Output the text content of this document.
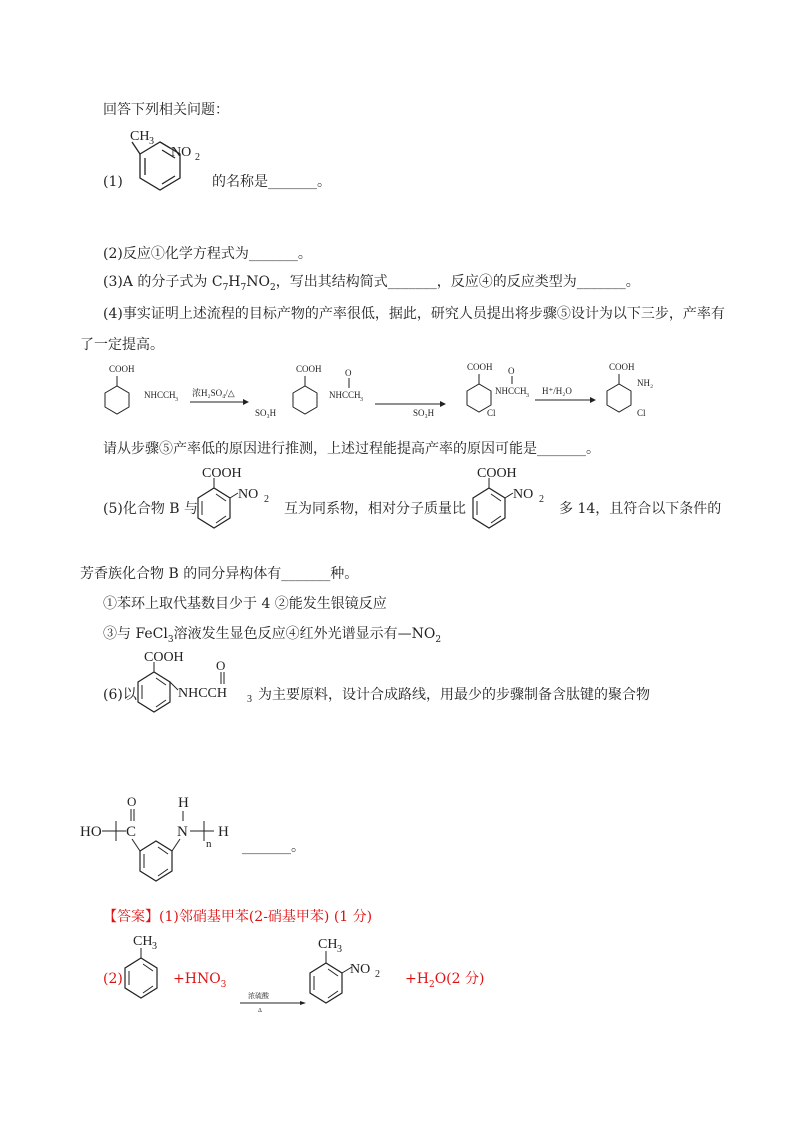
回答下列相关问题：
CH 3
NO 2
(1)	的名称是_______。
(2)反应①化学方程式为_______。
(3)A 的分子式为 $C_7H_7NO_2$，写出其结构简式_______，反应④的反应类型为_______。
(4)事实证明上述流程的目标产物的产率很低，据此，研究人员提出将步骤⑤设计为以下三步，产率有
了一定提高。
COOH
NHCCH 3
浓H₂SO₄/△
COOH
SO₃H
O
NHCCH 3
COOH
SO₃H
O
NHCCH 3
Cl
H⁺/H₂O
COOH
NH₂
Cl
请从步骤⑤产率低的原因进行推测，上述过程能提高产率的原因可能是_______。
COOH
NO 2
COOH
NO 2
(5)化合物 B 与	互为同系物，相对分子质量比	多 14，且符合以下条件的
芳香族化合物 B 的同分异构体有_______种。
①苯环上取代基数目少于 4 ②能发生银镜反应
③与 FeCl$_3$溶液发生显色反应④红外光谱显示有$—NO_2$
COOH
O
NHCCH 3
(6)以	为主要原料，设计合成路线，用最少的步骤制备含肽键的聚合物
HO C
O
N
H
n
H
_______。
【答案】(1)邻硝基甲苯(2-硝基甲苯) (1 分)
(2)
CH 3
$+HNO_3$
浓硫酸
Δ
CH 3
NO $2 +H_2O(2$ 分)
